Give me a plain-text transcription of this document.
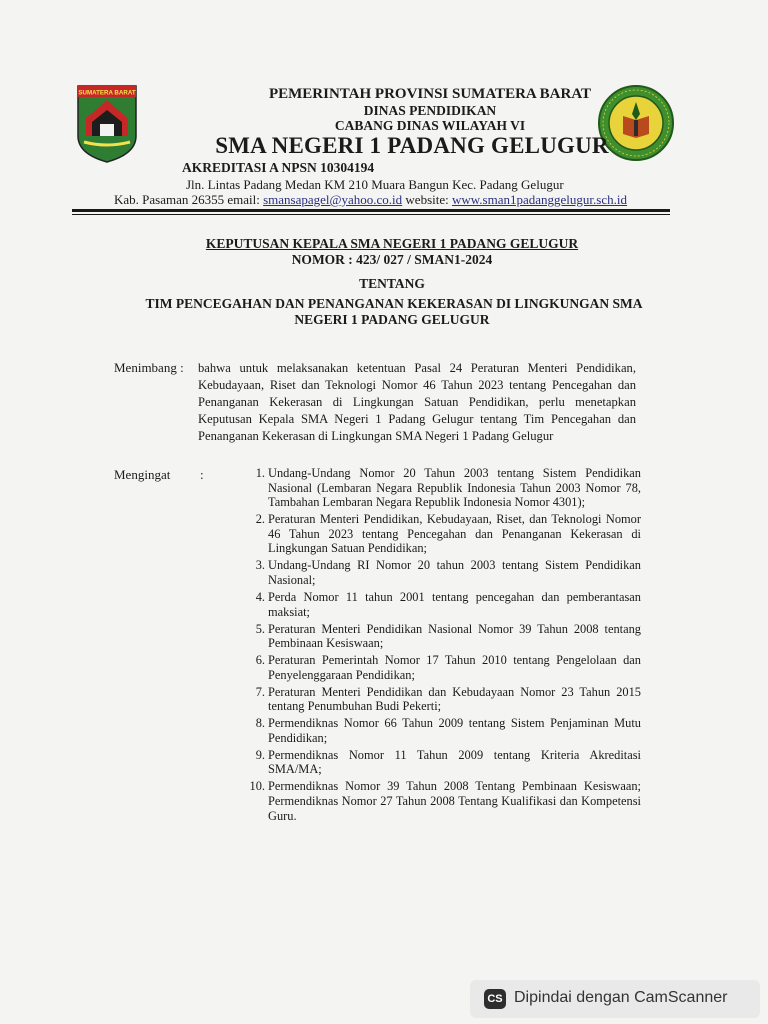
SUMATERA BARAT	PEMERINTAH PROVINSI SUMATERA BARAT
DINAS PENDIDIKAN
CABANG DINAS WILAYAH VI
SMA NEGERI 1 PADANG GELUGUR
AKREDITASI A NPSN 10304194
Jln. Lintas Padang Medan KM 210 Muara Bangun Kec. Padang Gelugur
Kab. Pasaman 26355 email: smansapagel@yahoo.co.id website: www.sman1padanggelugur.sch.id
KEPUTUSAN KEPALA SMA NEGERI 1 PADANG GELUGUR
NOMOR : 423/ 027 / SMAN1-2024
TENTANG
TIM PENCEGAHAN DAN PENANGANAN KEKERASAN DI LINGKUNGAN SMA
NEGERI 1 PADANG GELUGUR
Menimbang : bahwa untuk melaksanakan ketentuan Pasal 24 Peraturan Menteri Pendidikan, Kebudayaan, Riset dan Teknologi Nomor 46 Tahun 2023 tentang Pencegahan dan Penanganan Kekerasan di Lingkungan Satuan Pendidikan, perlu menetapkan Keputusan Kepala SMA Negeri 1 Padang Gelugur tentang Tim Pencegahan dan Penanganan Kekerasan di Lingkungan SMA Negeri 1 Padang Gelugur
Mengingat :	1. Undang-Undang Nomor 20 Tahun 2003 tentang Sistem Pendidikan Nasional (Lembaran Negara Republik Indonesia Tahun 2003 Nomor 78, Tambahan Lembaran Negara Republik Indonesia Nomor 4301);
2. Peraturan Menteri Pendidikan, Kebudayaan, Riset, dan Teknologi Nomor 46 Tahun 2023 tentang Pencegahan dan Penanganan Kekerasan di Lingkungan Satuan Pendidikan;
3. Undang-Undang RI Nomor 20 tahun 2003 tentang Sistem Pendidikan Nasional;
4. Perda Nomor 11 tahun 2001 tentang pencegahan dan pemberantasan maksiat;
5. Peraturan Menteri Pendidikan Nasional Nomor 39 Tahun 2008 tentang Pembinaan Kesiswaan;
6. Peraturan Pemerintah Nomor 17 Tahun 2010 tentang Pengelolaan dan Penyelenggaraan Pendidikan;
7. Peraturan Menteri Pendidikan dan Kebudayaan Nomor 23 Tahun 2015 tentang Penumbuhan Budi Pekerti;
8. Permendiknas Nomor 66 Tahun 2009 tentang Sistem Penjaminan Mutu Pendidikan;
9. Permendiknas Nomor 11 Tahun 2009 tentang Kriteria Akreditasi SMA/MA;
10. Permendiknas Nomor 39 Tahun 2008 Tentang Pembinaan Kesiswaan; Permendiknas Nomor 27 Tahun 2008 Tentang Kualifikasi dan Kompetensi Guru.
CS Dipindai dengan CamScanner
